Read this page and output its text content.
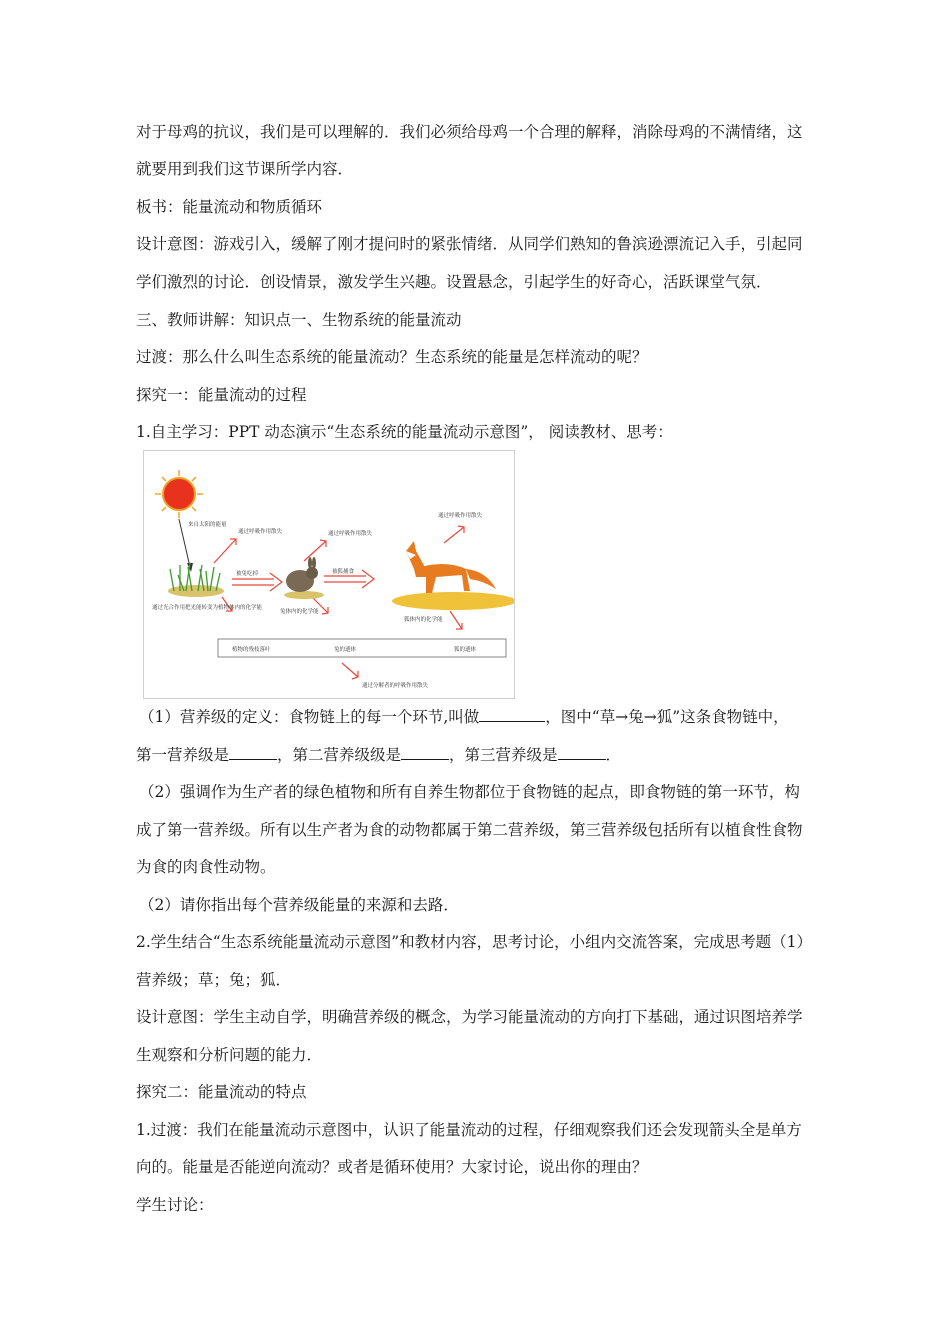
对于母鸡的抗议，我们是可以理解的．我们必须给母鸡一个合理的解释，消除母鸡的不满情绪，这
就要用到我们这节课所学内容．
板书：能量流动和物质循环
设计意图：游戏引入，缓解了刚才提问时的紧张情绪．从同学们熟知的鲁滨逊漂流记入手，引起同
学们激烈的讨论．创设情景，激发学生兴趣。设置悬念，引起学生的好奇心，活跃课堂气氛．
三、教师讲解：知识点一、生物系统的能量流动
过渡：那么什么叫生态系统的能量流动？生态系统的能量是怎样流动的呢？
探究一：能量流动的过程
1.自主学习：PPT 动态演示“生态系统的能量流动示意图”， 阅读教材、思考：
来自太阳的能量
通过呼吸作用散失	通过呼吸作用散失
通过呼吸作用散失
被兔吃掉	被狐捕食
通过光合作用把光能转变为植物体内的化学能
兔体内的化学能
狐体内的化学能
植物的残枝落叶	兔的遗体	狐的遗体
通过分解者的呼吸作用散失
（1）营养级的定义：食物链上的每一个环节,叫做	，图中“草→兔→狐”这条食物链中，
第一营养级是	，第二营养级级是	，第三营养级是	．
（2）强调作为生产者的绿色植物和所有自养生物都位于食物链的起点，即食物链的第一环节，构
成了第一营养级。所有以生产者为食的动物都属于第二营养级，第三营养级包括所有以植食性食物
为食的肉食性动物。
（2）请你指出每个营养级能量的来源和去路．
2.学生结合“生态系统能量流动示意图”和教材内容，思考讨论，小组内交流答案，完成思考题（1）
营养级；草；兔；狐．
设计意图：学生主动自学，明确营养级的概念，为学习能量流动的方向打下基础，通过识图培养学
生观察和分析问题的能力．
探究二：能量流动的特点
1.过渡：我们在能量流动示意图中，认识了能量流动的过程，仔细观察我们还会发现箭头全是单方
向的。能量是否能逆向流动？或者是循环使用？大家讨论，说出你的理由？
学生讨论：
